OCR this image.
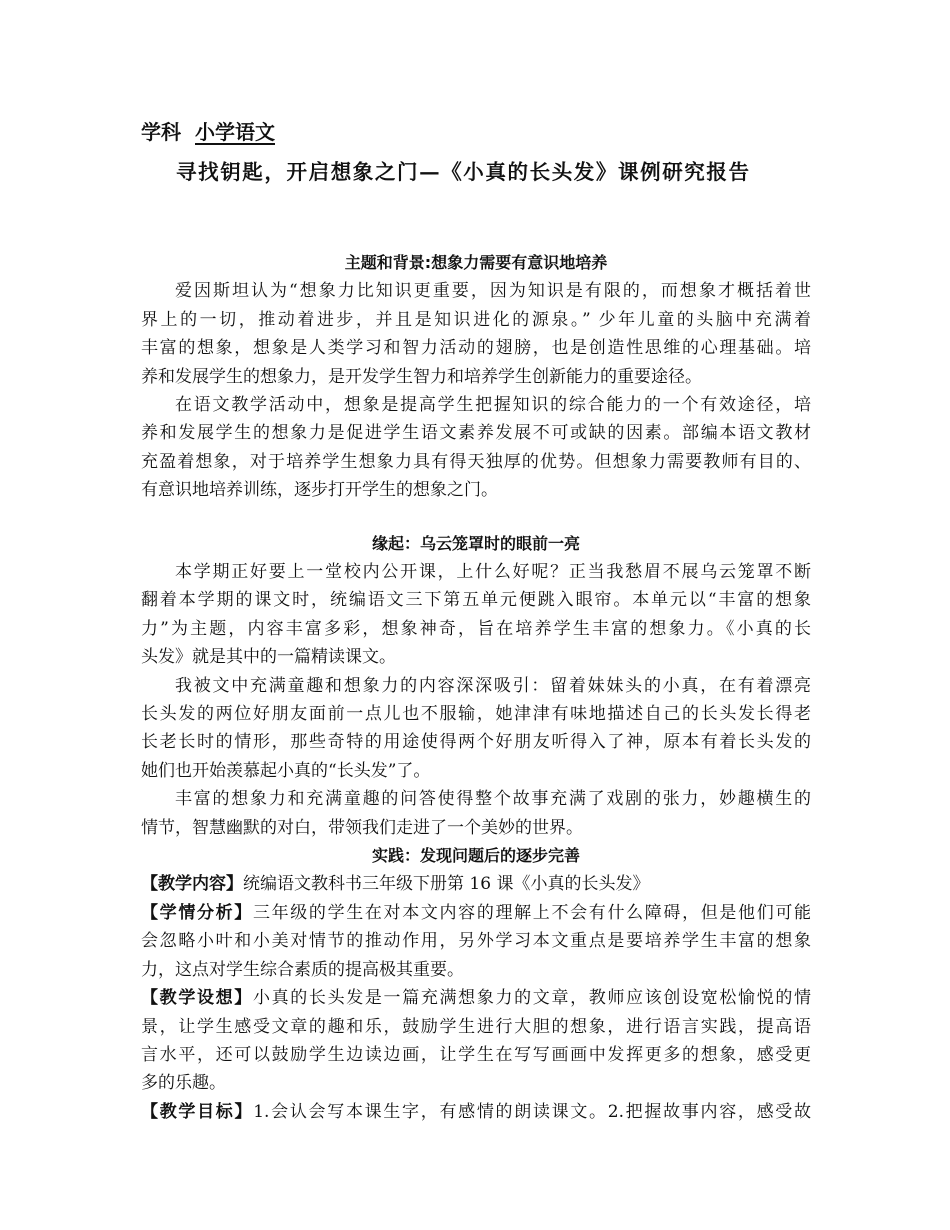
学科 小学语文
寻找钥匙，开启想象之门—《小真的长头发》课例研究报告
主题和背景:想象力需要有意识地培养

爱因斯坦认为“想象力比知识更重要，因为知识是有限的，而想象才概括着世
界上的一切，推动着进步，并且是知识进化的源泉。” 少年儿童的头脑中充满着
丰富的想象，想象是人类学习和智力活动的翅膀，也是创造性思维的心理基础。培
养和发展学生的想象力，是开发学生智力和培养学生创新能力的重要途径。

在语文教学活动中，想象是提高学生把握知识的综合能力的一个有效途径，培
养和发展学生的想象力是促进学生语文素养发展不可或缺的因素。部编本语文教材
充盈着想象，对于培养学生想象力具有得天独厚的优势。但想象力需要教师有目的、
有意识地培养训练，逐步打开学生的想象之门。

缘起：乌云笼罩时的眼前一亮

本学期正好要上一堂校内公开课，上什么好呢？正当我愁眉不展乌云笼罩不断
翻着本学期的课文时，统编语文三下第五单元便跳入眼帘。本单元以“丰富的想象
力”为主题，内容丰富多彩，想象神奇，旨在培养学生丰富的想象力。《小真的长
头发》就是其中的一篇精读课文。

我被文中充满童趣和想象力的内容深深吸引：留着妹妹头的小真，在有着漂亮
长头发的两位好朋友面前一点儿也不服输，她津津有味地描述自己的长头发长得老
长老长时的情形，那些奇特的用途使得两个好朋友听得入了神，原本有着长头发的
她们也开始羡慕起小真的“长头发”了。

丰富的想象力和充满童趣的问答使得整个故事充满了戏剧的张力，妙趣横生的
情节，智慧幽默的对白，带领我们走进了一个美妙的世界。

实践：发现问题后的逐步完善

【教学内容】统编语文教科书三年级下册第 16 课《小真的长头发》

【学情分析】三年级的学生在对本文内容的理解上不会有什么障碍，但是他们可能
会忽略小叶和小美对情节的推动作用，另外学习本文重点是要培养学生丰富的想象
力，这点对学生综合素质的提高极其重要。

【教学设想】小真的长头发是一篇充满想象力的文章，教师应该创设宽松愉悦的情
景，让学生感受文章的趣和乐，鼓励学生进行大胆的想象，进行语言实践，提高语
言水平，还可以鼓励学生边读边画，让学生在写写画画中发挥更多的想象，感受更
多的乐趣。

【教学目标】1.会认会写本课生字，有感情的朗读课文。2.把握故事内容，感受故
